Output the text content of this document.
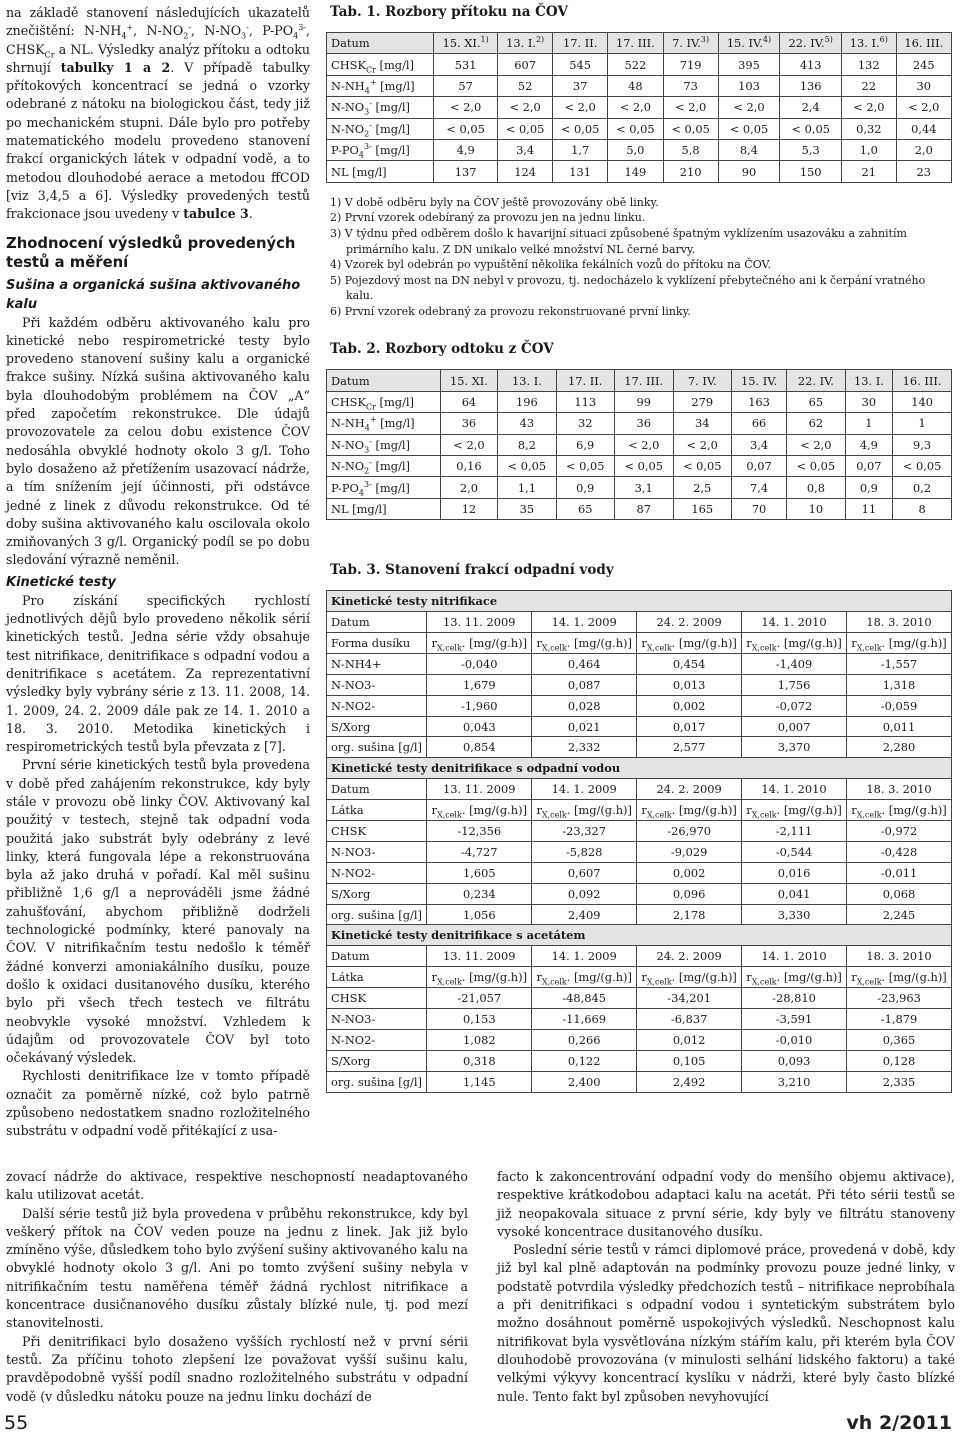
na základě stanovení následujících ukazatelů znečištění: $N-NH_4^+$, $N-NO_2^-$, $N-NO_3^-$, $P-PO_4^{3-}$, $CHSK_{Cr}$ a NL. Výsledky analýz přítoku a odtoku shrnují tabulky 1 a 2. V případě tabulky přítokových koncentrací se jedná o vzorky odebrané z nátoku na biologickou část, tedy již po mechanickém stupni. Dále bylo pro potřeby matematického modelu provedeno stanovení frakcí organických látek v odpadní vodě, a to metodou dlouhodobé aerace a metodou ffCOD [viz 3,4,5 a 6]. Výsledky provedených testů frakcionace jsou uvedeny v tabulce 3.

Zhodnocení výsledků provedených testů a měření
Sušina a organická sušina aktivovaného kalu

Při každém odběru aktivovaného kalu pro kinetické nebo respirometrické testy bylo provedeno stanovení sušiny kalu a organické frakce sušiny. Nízká sušina aktivovaného kalu byla dlouhodobým problémem na ČOV „A“ před započetím rekonstrukce. Dle údajů provozovatele za celou dobu existence ČOV nedosáhla obvyklé hodnoty okolo 3 g/l. Toho bylo dosaženo až přetížením usazovací nádrže, a tím snížením její účinnosti, při odstávce jedné z linek z důvodu rekonstrukce. Od té doby sušina aktivovaného kalu oscilovala okolo zmiňovaných 3 g/l. Organický podíl se po dobu sledování výrazně neměnil.

Kinetické testy

Pro získání specifických rychlostí jednotlivých dějů bylo provedeno několik sérií kinetických testů. Jedna série vždy obsahuje test nitrifikace, denitrifikace s odpadní vodou a denitrifikace s acetátem. Za reprezentativní výsledky byly vybrány série z 13. 11. 2008, 14. 1. 2009, 24. 2. 2009 dále pak ze 14. 1. 2010 a 18. 3. 2010. Metodika kinetických i respirometrických testů byla převzata z [7].

První série kinetických testů byla provedena v době před zahájením rekonstrukce, kdy byly stále v provozu obě linky ČOV. Aktivovaný kal použitý v testech, stejně tak odpadní voda použitá jako substrát byly odebrány z levé linky, která fungovala lépe a rekonstruována byla až jako druhá v pořadí. Kal měl sušinu přibližně 1,6 g/l a neprováděli jsme žádné zahušťování, abychom přibližně dodrželi technologické podmínky, které panovaly na ČOV. V nitrifikačním testu nedošlo k téměř žádné konverzi amoniakálního dusíku, pouze došlo k oxidaci dusitanového dusíku, kterého bylo při všech třech testech ve filtrátu neobvykle vysoké množství. Vzhledem k údajům od provozovatele ČOV byl toto očekávaný výsledek.

Rychlosti denitrifikace lze v tomto případě označit za poměrně nízké, což bylo patrně způsobeno nedostatkem snadno rozložitelného substrátu v odpadní vodě přitékající z usa-

Tab. 1. Rozbory přítoku na ČOV
Datum	15. XI.$^{1)}$	13. I.$^{2)}$	17. II.	17. III.	7. IV.$^{3)}$	15. IV.$^{4)}$	22. IV.$^{5)}$	13. I.$^{6)}$	16. III.
$CHSK_{Cr}$ [mg/l]	531	607	545	522	719	395	413	132	245
$N-NH_4^+$ [mg/l]	57	52	37	48	73	103	136	22	30
$N-NO_3^-$ [mg/l]	< 2,0	< 2,0	< 2,0	< 2,0	< 2,0	< 2,0	2,4	< 2,0	< 2,0
$N-NO_2^-$ [mg/l]	< 0,05	< 0,05	< 0,05	< 0,05	< 0,05	< 0,05	< 0,05	0,32	0,44
$P-PO_4^{3-}$ [mg/l]	4,9	3,4	1,7	5,0	5,8	8,4	5,3	1,0	2,0
NL [mg/l]	137	124	131	149	210	90	150	21	23
1) V době odběru byly na ČOV ještě provozovány obě linky.
2) První vzorek odebíraný za provozu jen na jednu linku.
3) V týdnu před odběrem došlo k havarijní situaci způsobené špatným vyklízením usazováku a zahnitím primárního kalu. Z DN unikalo velké množství NL černé barvy.
4) Vzorek byl odebrán po vypuštění několika fekálních vozů do přítoku na ČOV.
5) Pojezdový most na DN nebyl v provozu, tj. nedocházelo k vyklízení přebytečného ani k čerpání vratného kalu.
6) První vzorek odebraný za provozu rekonstruované první linky.
Tab. 2. Rozbory odtoku z ČOV
Datum	15. XI.	13. I.	17. II.	17. III.	7. IV.	15. IV.	22. IV.	13. I.	16. III.
$CHSK_{Cr}$ [mg/l]	64	196	113	99	279	163	65	30	140
$N-NH_4^+$ [mg/l]	36	43	32	36	34	66	62	1	1
$N-NO_3^-$ [mg/l]	< 2,0	8,2	6,9	< 2,0	< 2,0	3,4	< 2,0	4,9	9,3
$N-NO_2^-$ [mg/l]	0,16	< 0,05	< 0,05	< 0,05	< 0,05	0,07	< 0,05	0,07	< 0,05
$P-PO_4^{3-}$ [mg/l]	2,0	1,1	0,9	3,1	2,5	7,4	0,8	0,9	0,2
NL [mg/l]	12	35	65	87	165	70	10	11	8
Tab. 3. Stanovení frakcí odpadní vody
Kinetické testy nitrifikace					
Datum	13. 11. 2009	14. 1. 2009	24. 2. 2009	14. 1. 2010	18. 3. 2010
Forma dusíku	$r_{X,celk}$. [mg/(g.h)]	$r_{X,celk}$. [mg/(g.h)]	$r_{X,celk}$. [mg/(g.h)]	$r_{X,celk}$. [mg/(g.h)]	$r_{X,celk}$. [mg/(g.h)]
N-NH4+	-0,040	0,464	0,454	-1,409	-1,557
N-NO3-	1,679	0,087	0,013	1,756	1,318
N-NO2-	-1,960	0,028	0,002	-0,072	-0,059
S/Xorg	0,043	0,021	0,017	0,007	0,011
org. sušina [g/l]	0,854	2,332	2,577	3,370	2,280
Kinetické testy denitrifikace s odpadní vodou					
Datum	13. 11. 2009	14. 1. 2009	24. 2. 2009	14. 1. 2010	18. 3. 2010
Látka	$r_{X,celk}$. [mg/(g.h)]	$r_{X,celk}$. [mg/(g.h)]	$r_{X,celk}$. [mg/(g.h)]	$r_{X,celk}$. [mg/(g.h)]	$r_{X,celk}$. [mg/(g.h)]
CHSK	-12,356	-23,327	-26,970	-2,111	-0,972
N-NO3-	-4,727	-5,828	-9,029	-0,544	-0,428
N-NO2-	1,605	0,607	0,002	0,016	-0,011
S/Xorg	0,234	0,092	0,096	0,041	0,068
org. sušina [g/l]	1,056	2,409	2,178	3,330	2,245
Kinetické testy denitrifikace s acetátem					
Datum	13. 11. 2009	14. 1. 2009	24. 2. 2009	14. 1. 2010	18. 3. 2010
Látka	$r_{X,celk}$. [mg/(g.h)]	$r_{X,celk}$. [mg/(g.h)]	$r_{X,celk}$. [mg/(g.h)]	$r_{X,celk}$. [mg/(g.h)]	$r_{X,celk}$. [mg/(g.h)]
CHSK	-21,057	-48,845	-34,201	-28,810	-23,963
N-NO3-	0,153	-11,669	-6,837	-3,591	-1,879
N-NO2-	1,082	0,266	0,012	-0,010	0,365
S/Xorg	0,318	0,122	0,105	0,093	0,128
org. sušina [g/l]	1,145	2,400	2,492	3,210	2,335

zovací nádrže do aktivace, respektive neschopností neadaptovaného kalu utilizovat acetát.

Další série testů již byla provedena v průběhu rekonstrukce, kdy byl veškerý přítok na ČOV veden pouze na jednu z linek. Jak již bylo zmíněno výše, důsledkem toho bylo zvýšení sušiny aktivovaného kalu na obvyklé hodnoty okolo 3 g/l. Ani po tomto zvýšení sušiny nebyla v nitrifikačním testu naměřena téměř žádná rychlost nitrifikace a koncentrace dusičnanového dusíku zůstaly blízké nule, tj. pod mezí stanovitelnosti.

Při denitrifikaci bylo dosaženo vyšších rychlostí než v první sérii testů. Za příčinu tohoto zlepšení lze považovat vyšší sušinu kalu, pravděpodobně vyšší podíl snadno rozložitelného substrátu v odpadní vodě (v důsledku nátoku pouze na jednu linku dochází de

facto k zakoncentrování odpadní vody do menšího objemu aktivace), respektive krátkodobou adaptaci kalu na acetát. Při této sérii testů se již neopakovala situace z první série, kdy byly ve filtrátu stanoveny vysoké koncentrace dusitanového dusíku.

Poslední série testů v rámci diplomové práce, provedená v době, kdy již byl kal plně adaptován na podmínky provozu pouze jedné linky, v podstatě potvrdila výsledky předchozích testů – nitrifikace neprobíhala a při denitrifikaci s odpadní vodou i syntetickým substrátem bylo možno dosáhnout poměrně uspokojivých výsledků. Neschopnost kalu nitrifikovat byla vysvětlována nízkým stářím kalu, při kterém byla ČOV dlouhodobě provozována (v minulosti selhání lidského faktoru) a také velkými výkyvy koncentrací kyslíku v nádrži, které byly často blízké nule. Tento fakt byl způsoben nevyhovující

55	vh 2/2011
